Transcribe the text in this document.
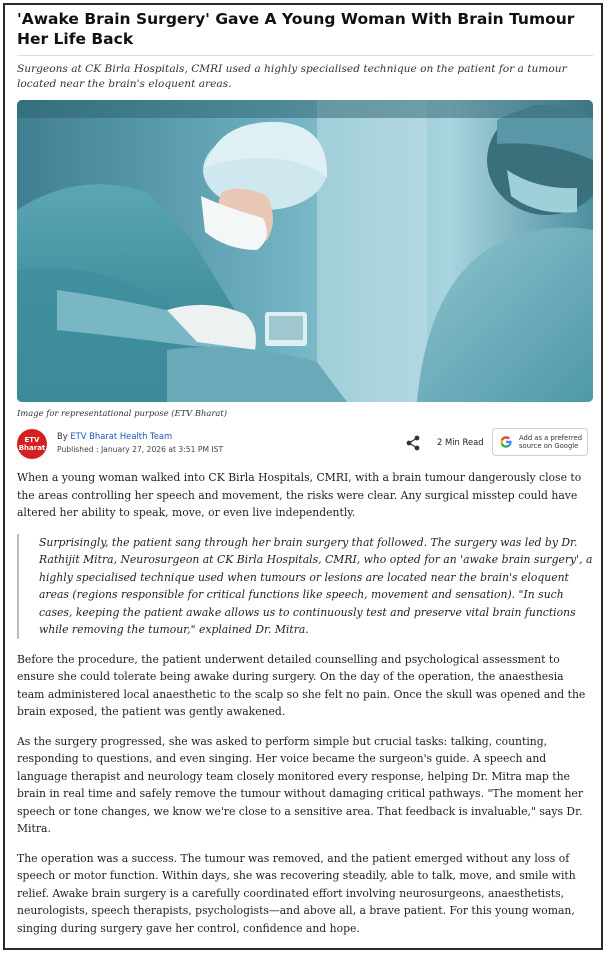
'Awake Brain Surgery' Gave A Young Woman With Brain Tumour Her Life Back
Surgeons at CK Birla Hospitals, CMRI used a highly specialised technique on the patient for a tumour located near the brain's eloquent areas.
Image for representational purpose (ETV Bharat)
ETV Bharat
By ETV Bharat Health Team
Published : January 27, 2026 at 3:51 PM IST
2 Min Read	Add as a preferred
source on Google

When a young woman walked into CK Birla Hospitals, CMRI, with a brain tumour dangerously close to the areas controlling her speech and movement, the risks were clear. Any surgical misstep could have altered her ability to speak, move, or even live independently.

Surprisingly, the patient sang through her brain surgery that followed. The surgery was led by Dr. Rathijit Mitra, Neurosurgeon at CK Birla Hospitals, CMRI, who opted for an 'awake brain surgery', a highly specialised technique used when tumours or lesions are located near the brain's eloquent areas (regions responsible for critical functions like speech, movement and sensation). "In such cases, keeping the patient awake allows us to continuously test and preserve vital brain functions while removing the tumour," explained Dr. Mitra.

Before the procedure, the patient underwent detailed counselling and psychological assessment to ensure she could tolerate being awake during surgery. On the day of the operation, the anaesthesia team administered local anaesthetic to the scalp so she felt no pain. Once the skull was opened and the brain exposed, the patient was gently awakened.

As the surgery progressed, she was asked to perform simple but crucial tasks: talking, counting, responding to questions, and even singing. Her voice became the surgeon's guide. A speech and language therapist and neurology team closely monitored every response, helping Dr. Mitra map the brain in real time and safely remove the tumour without damaging critical pathways. "The moment her speech or tone changes, we know we're close to a sensitive area. That feedback is invaluable," says Dr. Mitra.

The operation was a success. The tumour was removed, and the patient emerged without any loss of speech or motor function. Within days, she was recovering steadily, able to talk, move, and smile with relief. Awake brain surgery is a carefully coordinated effort involving neurosurgeons, anaesthetists, neurologists, speech therapists, psychologists—and above all, a brave patient. For this young woman, singing during surgery gave her control, confidence and hope.
